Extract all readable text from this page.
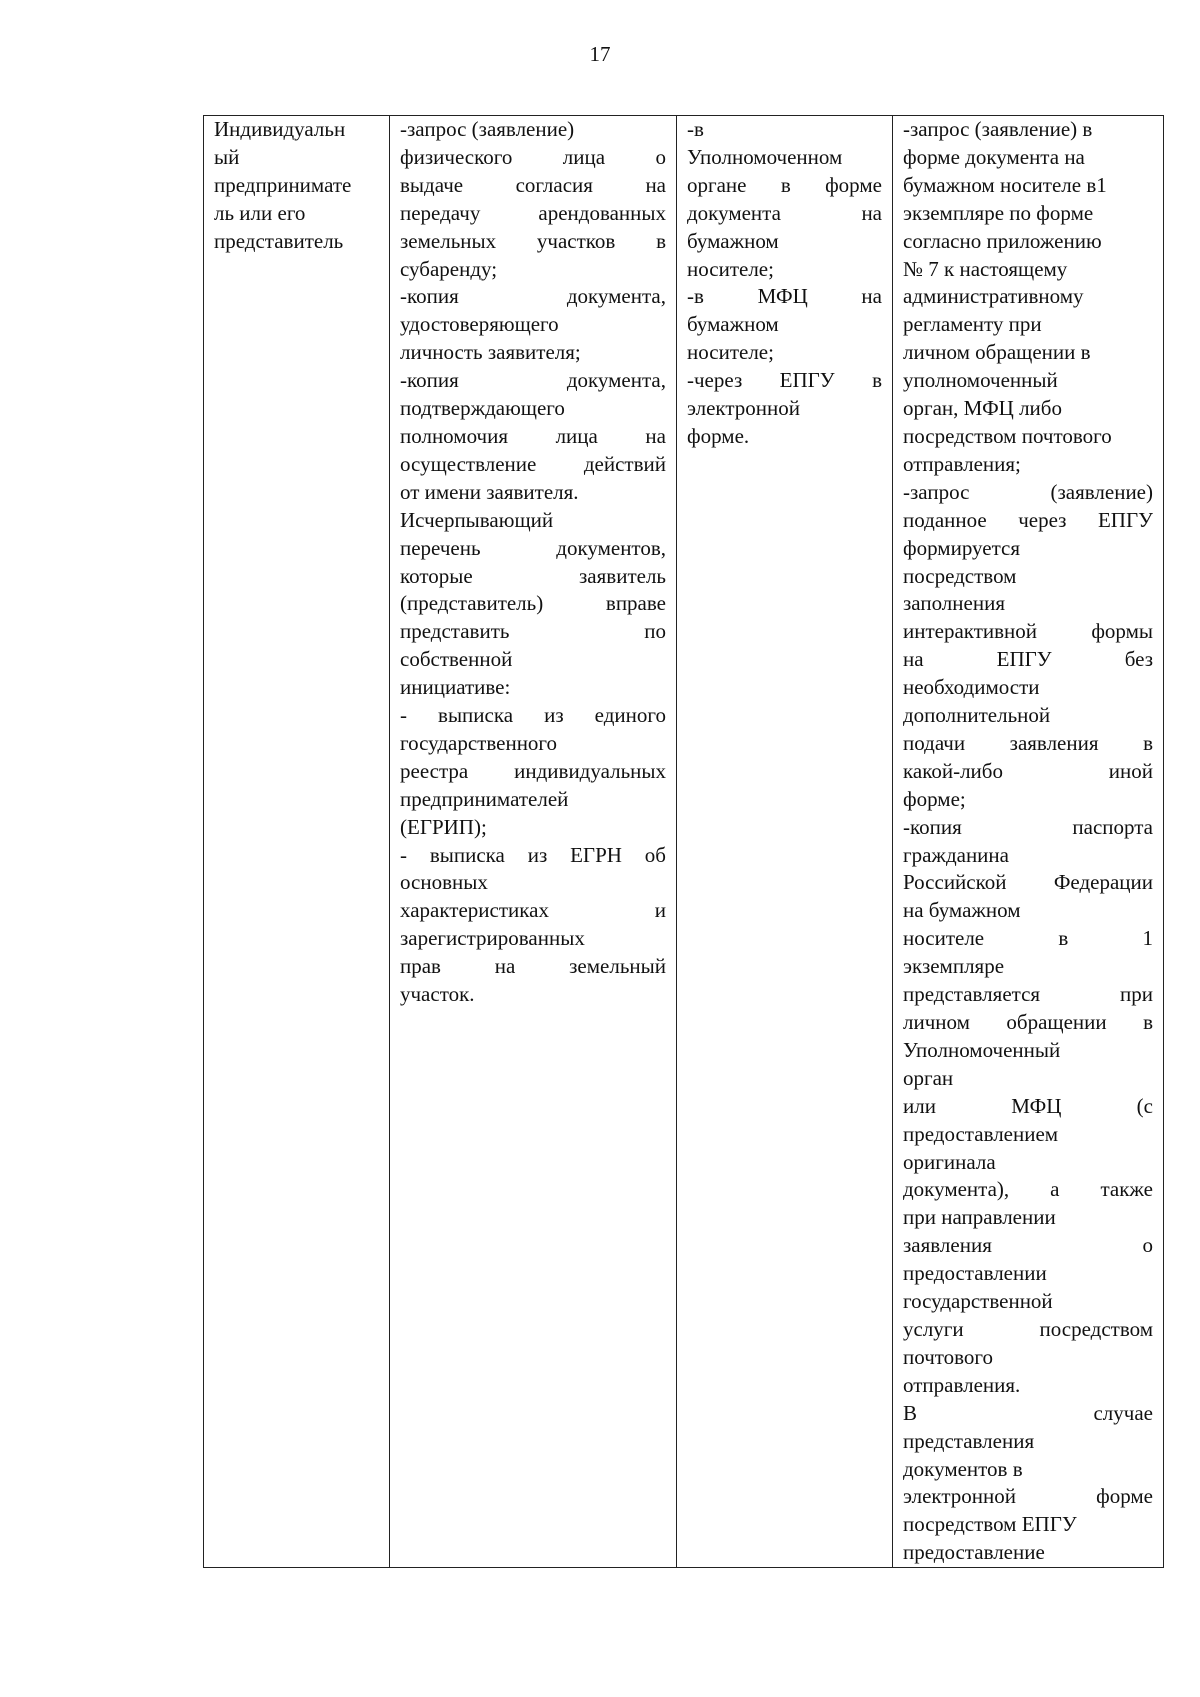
17
Индивидуальн
ый
предпринимате
ль или его
представитель

-запрос (заявление)
физического лица о
выдаче согласия на
передачу	арендованных
земельных участков в
субаренду;
-копия	документа,
удостоверяющего
личность заявителя;
-копия	документа,
подтверждающего
полномочия лица на
осуществление действий
от имени заявителя.
Исчерпывающий
перечень	документов,
которые	заявитель
(представитель)	вправе
представить	по
собственной
инициативе:
- выписка из единого
государственного
реестра индивидуальных
предпринимателей
(ЕГРИП);
- выписка из ЕГРН об
основных
характеристиках	и
зарегистрированных
прав	на	земельный
участок.

-в
Уполномоченном
органе в форме
документа	на
бумажном
носителе;
-в	МФЦ	на
бумажном
носителе;
-через ЕПГУ в
электронной
форме.

-запрос (заявление) в
форме документа на
бумажном носителе в1
экземпляре по форме
согласно приложению
№ 7 к настоящему
административному
регламенту при
личном обращении в
уполномоченный
орган, МФЦ либо
посредством почтового
отправления;
-запрос	(заявление)
поданное через ЕПГУ
формируется
посредством
заполнения
интерактивной	формы
на	ЕПГУ	без
необходимости
дополнительной
подачи заявления в
какой-либо	иной
форме;
-копия	паспорта
гражданина
Российской Федерации
на бумажном
носителе	в	1
экземпляре
представляется	при
личном обращении в
Уполномоченный
орган
или	МФЦ	(с
предоставлением
оригинала
документа), а также
при направлении
заявления	о
предоставлении
государственной
услуги	посредством
почтового
отправления.
В	случае
представления
документов в
электронной	форме
посредством ЕПГУ
предоставление
